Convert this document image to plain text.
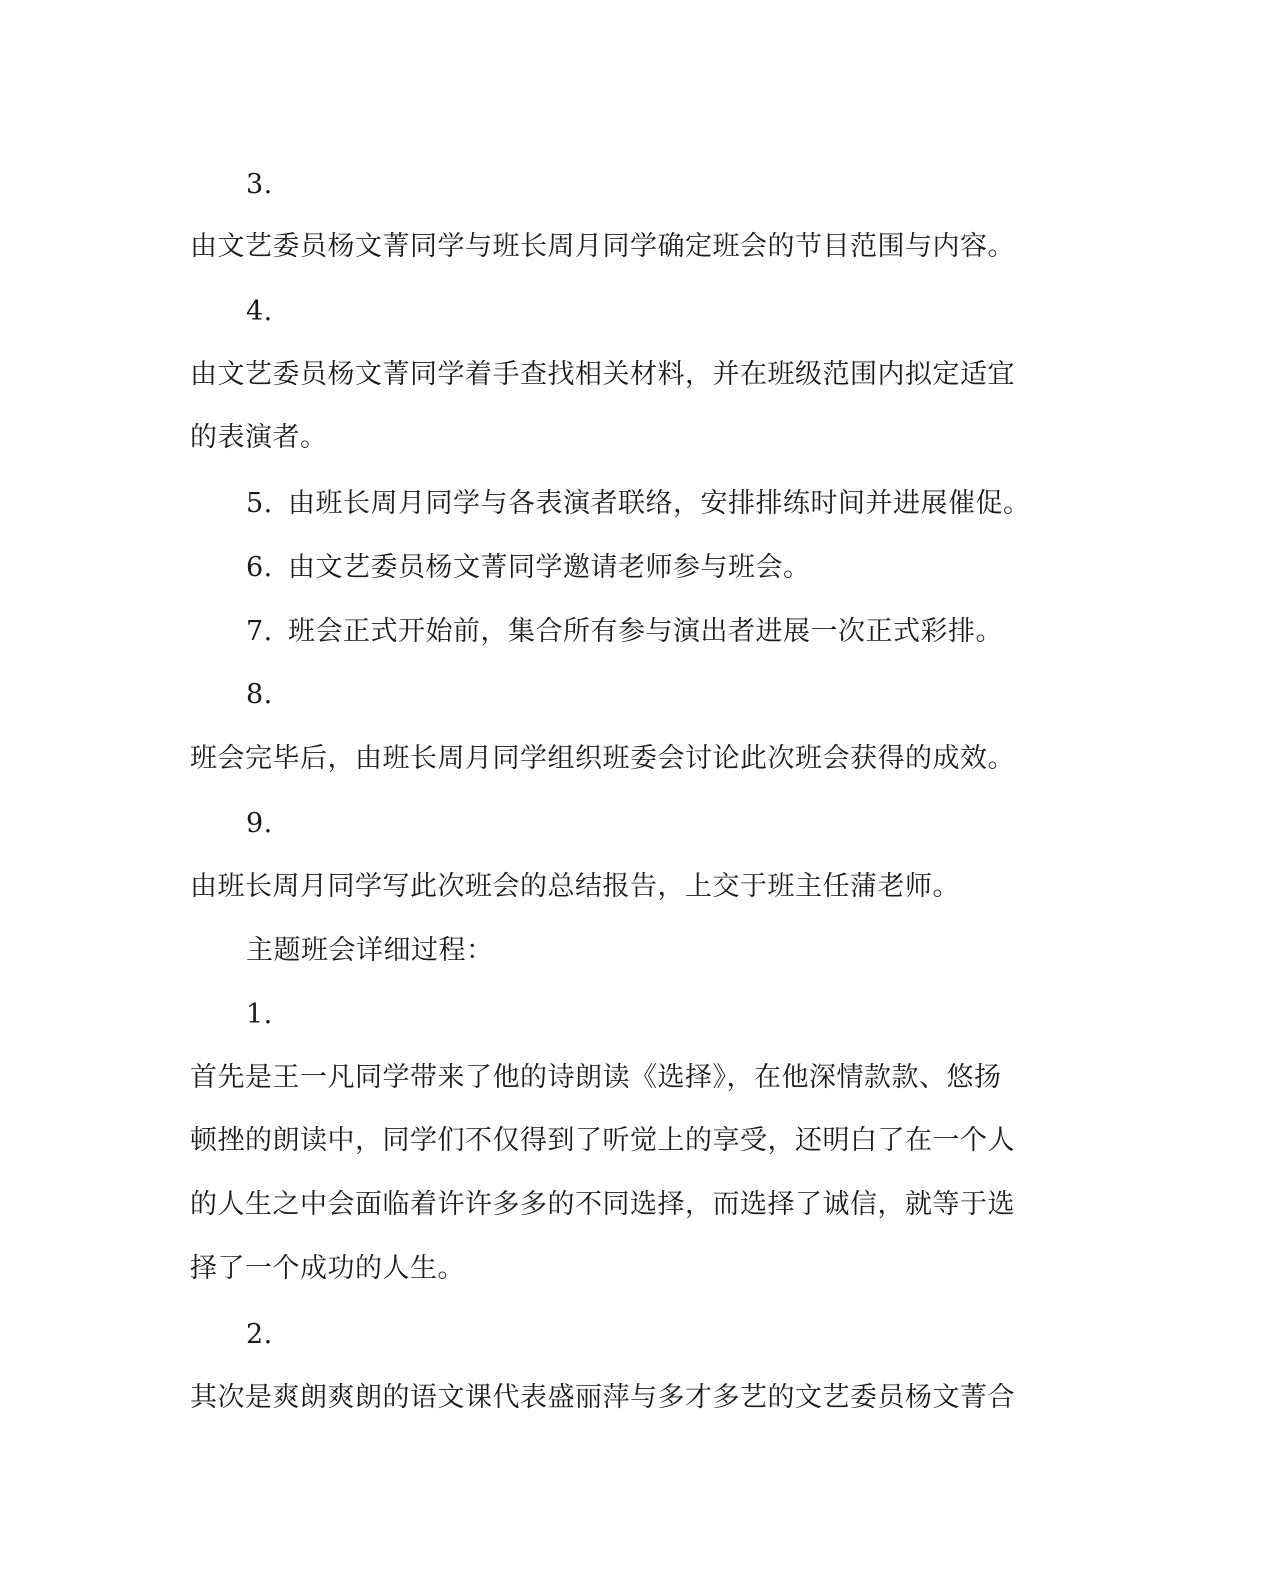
3.
由文艺委员杨文菁同学与班长周月同学确定班会的节目范围与内容。
4.
由文艺委员杨文菁同学着手查找相关材料，并在班级范围内拟定适宜
的表演者。
5. 由班长周月同学与各表演者联络，安排排练时间并进展催促。
6. 由文艺委员杨文菁同学邀请老师参与班会。
7. 班会正式开始前，集合所有参与演出者进展一次正式彩排。
8.
班会完毕后，由班长周月同学组织班委会讨论此次班会获得的成效。
9.
由班长周月同学写此次班会的总结报告，上交于班主任蒲老师。
主题班会详细过程：
1.
首先是王一凡同学带来了他的诗朗读《选择》，在他深情款款、悠扬
顿挫的朗读中，同学们不仅得到了听觉上的享受，还明白了在一个人
的人生之中会面临着许许多多的不同选择，而选择了诚信，就等于选
择了一个成功的人生。
2.
其次是爽朗爽朗的语文课代表盛丽萍与多才多艺的文艺委员杨文菁合
